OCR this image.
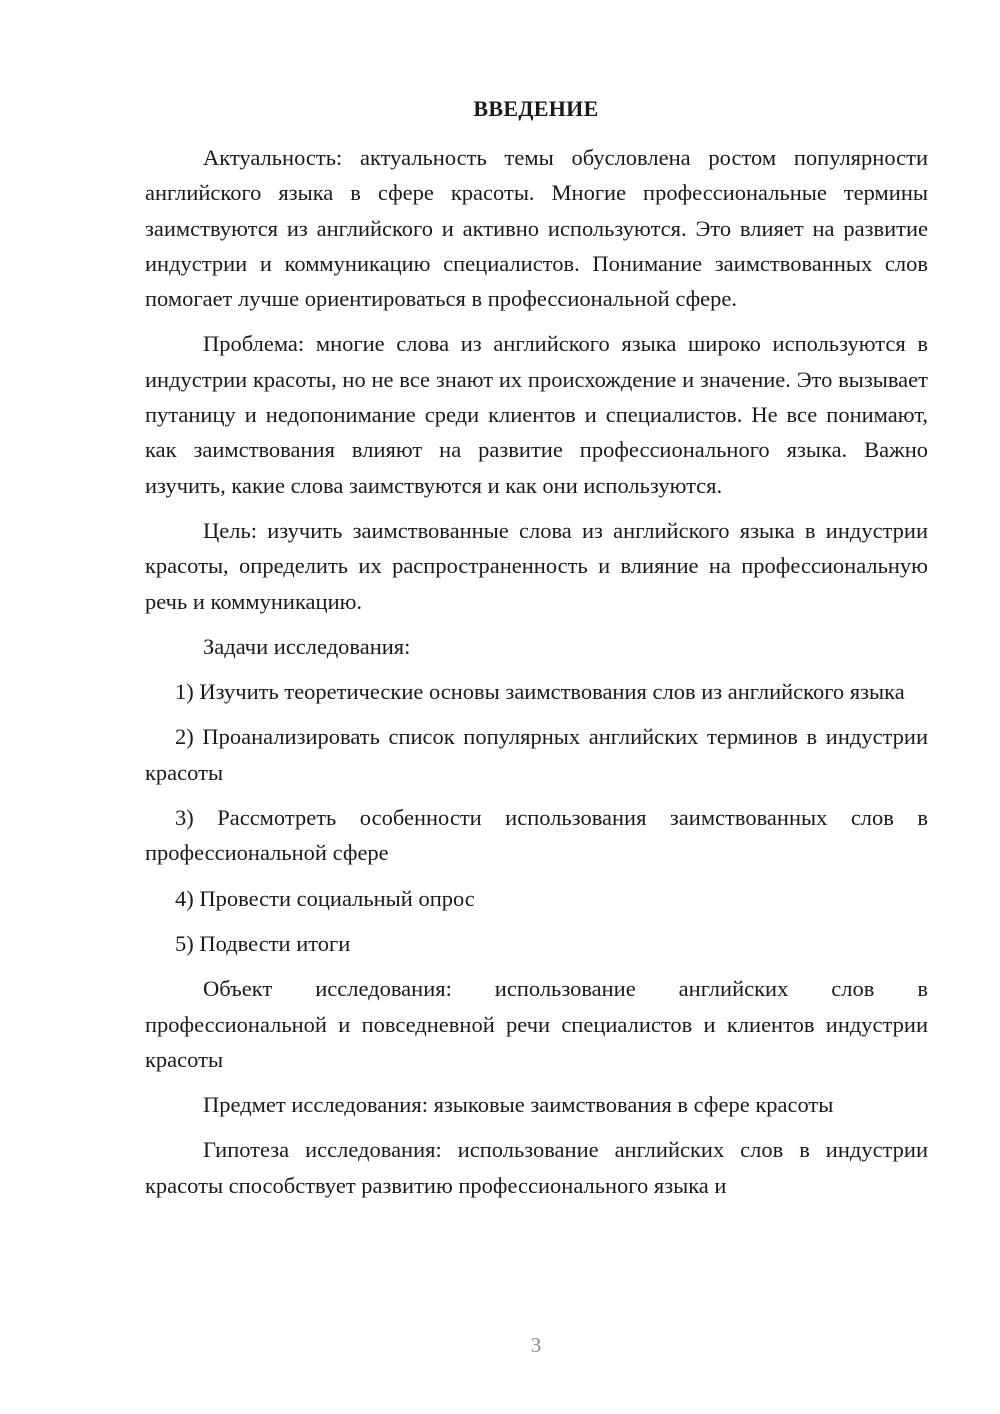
ВВЕДЕНИЕ

Актуальность: актуальность темы обусловлена ростом популярности английского языка в сфере красоты. Многие профессиональные термины заимствуются из английского и активно используются. Это влияет на развитие индустрии и коммуникацию специалистов. Понимание заимствованных слов помогает лучше ориентироваться в профессиональной сфере.

Проблема: многие слова из английского языка широко используются в индустрии красоты, но не все знают их происхождение и значение. Это вызывает путаницу и недопонимание среди клиентов и специалистов. Не все понимают, как заимствования влияют на развитие профессионального языка. Важно изучить, какие слова заимствуются и как они используются.

Цель: изучить заимствованные слова из английского языка в индустрии красоты, определить их распространенность и влияние на профессиональную речь и коммуникацию.

Задачи исследования:

1) Изучить теоретические основы заимствования слов из английского языка

2) Проанализировать список популярных английских терминов в индустрии красоты

3) Рассмотреть особенности использования заимствованных слов в профессиональной сфере

4) Провести социальный опрос

5) Подвести итоги

Объект исследования: использование английских слов в профессиональной и повседневной речи специалистов и клиентов индустрии красоты

Предмет исследования: языковые заимствования в сфере красоты

Гипотеза исследования: использование английских слов в индустрии красоты способствует развитию профессионального языка и

3
